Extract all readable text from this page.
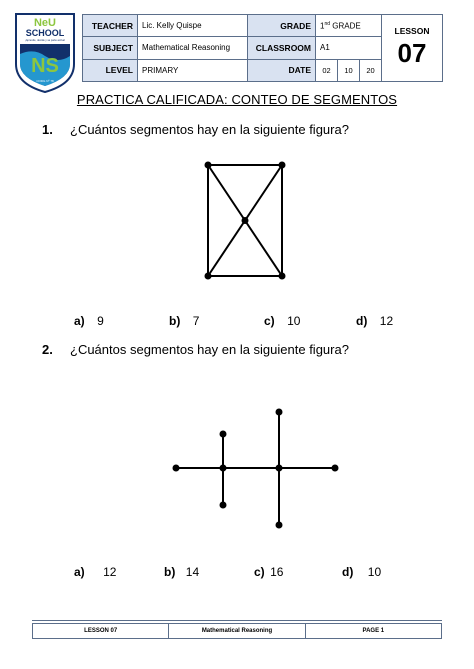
NeU
SCHOOL
¡Aprende, decide y se parte activa!
NS
CODIL Nº 78
TEACHER	Lic. Kelly Quispe	GRADE	1nd GRADE			LESSON
07

SUBJECT	Mathematical Reasoning	CLASSROOM	A1			
LEVEL	PRIMARY	DATE	02	10	20	
PRACTICA CALIFICADA: CONTEO DE SEGMENTOS
1. ¿Cuántos segmentos hay en la siguiente figura?
a) 9	b) 7	c) 10	d) 12
2. ¿Cuántos segmentos hay en la siguiente figura?
a) 12	b) 14	c) 16	d) 10
LESSON 07	Mathematical Reasoning	PAGE 1
